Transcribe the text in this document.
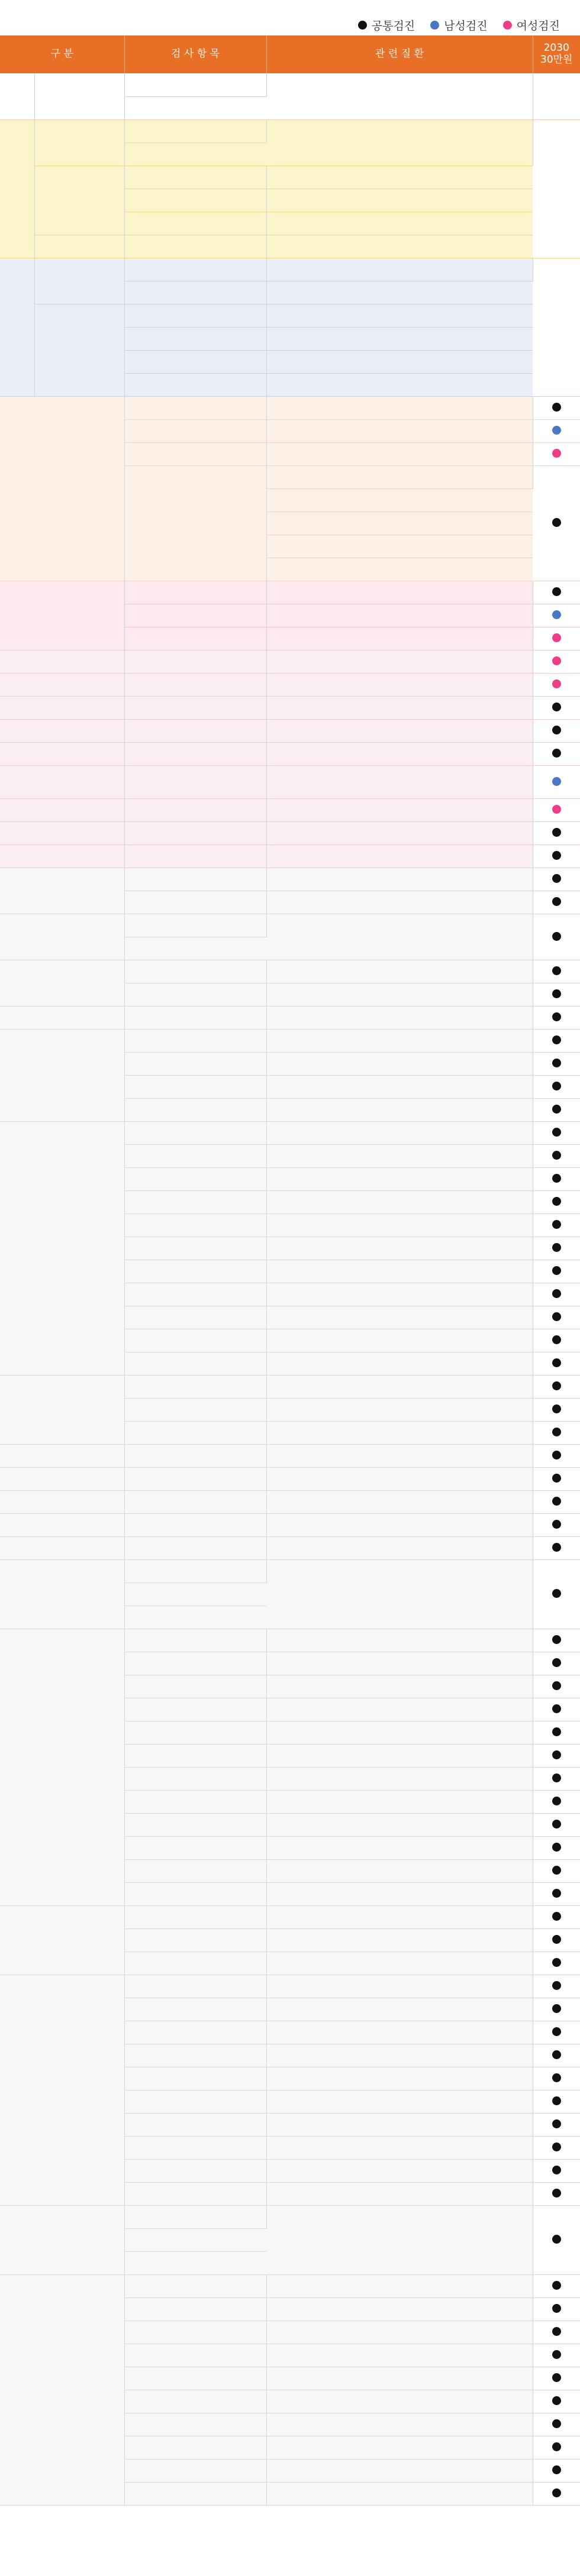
공통검진	남성검진	여성검진
구 분		검 사 항 목	관 련 질 환	2030
30만원
